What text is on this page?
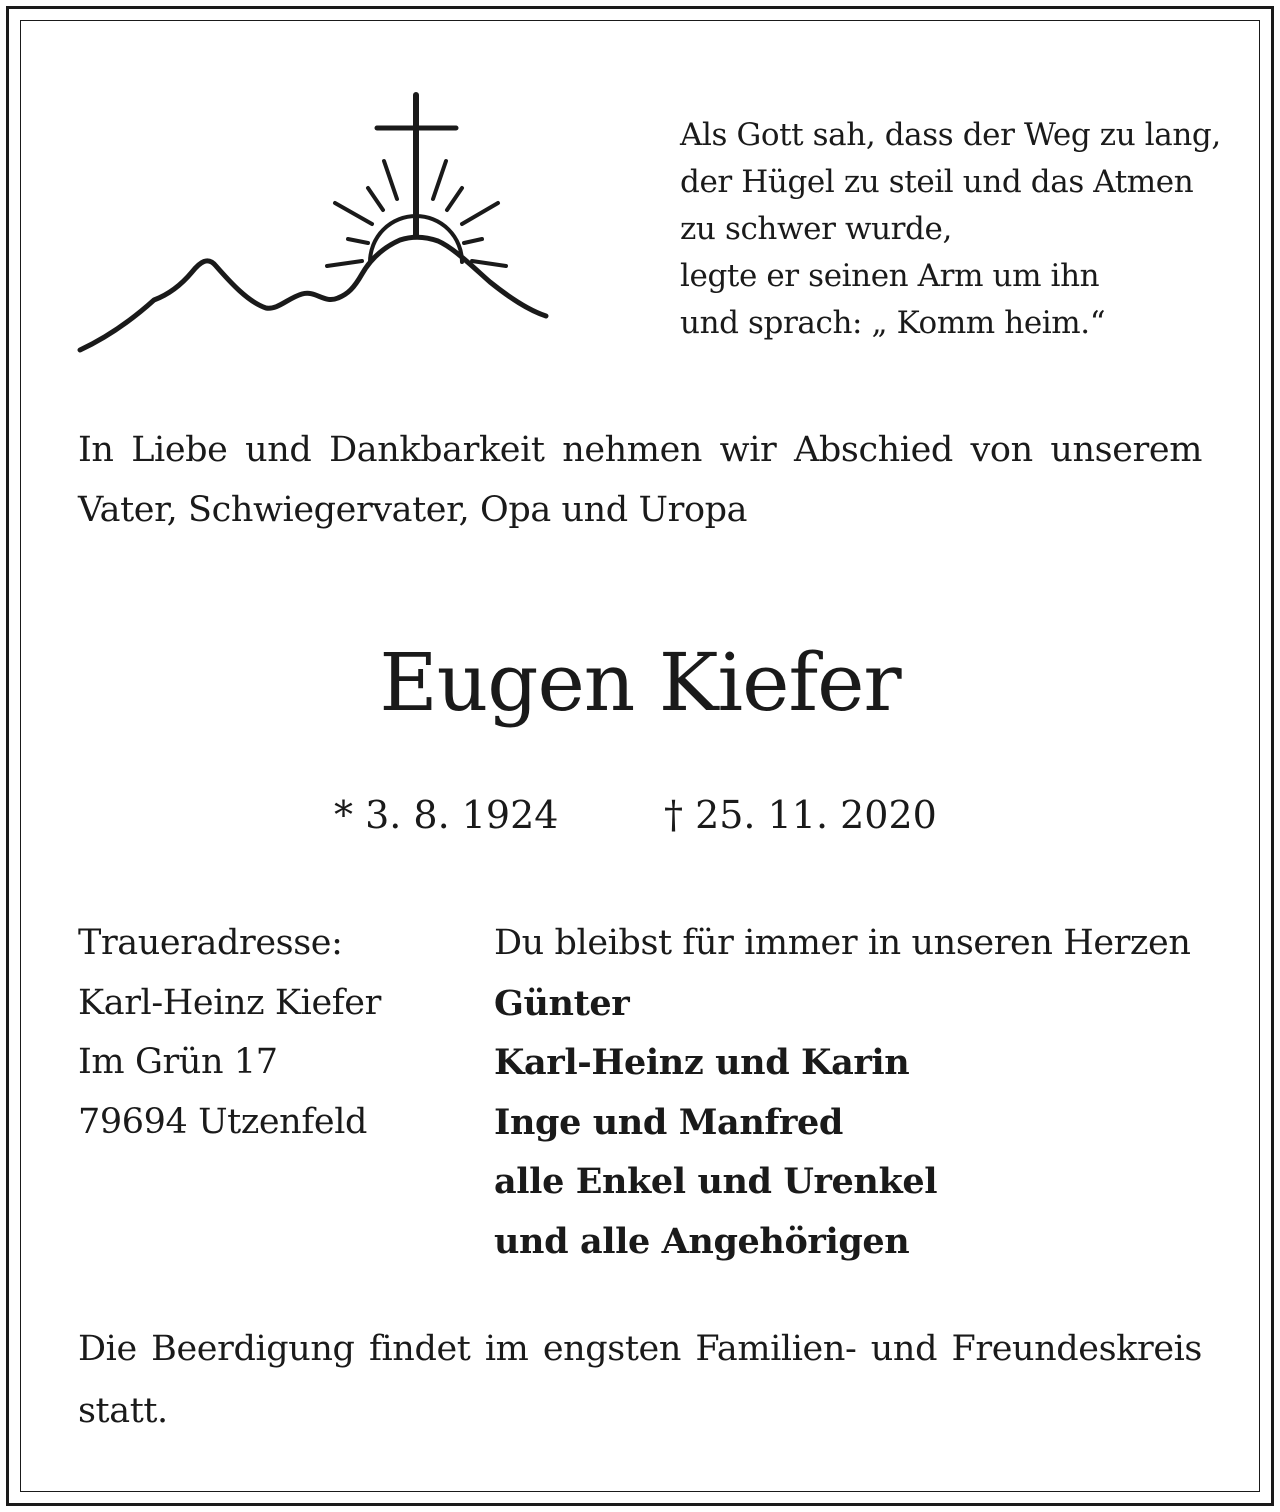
Als Gott sah, dass der Weg zu lang,
der Hügel zu steil und das Atmen
zu schwer wurde,
legte er seinen Arm um ihn
und sprach: „ Komm heim.“
In Liebe und Dankbarkeit nehmen wir Abschied von unserem
Vater, Schwiegervater, Opa und Uropa
Eugen Kiefer
* 3. 8. 1924	† 25. 11. 2020
Traueradresse:
Karl-Heinz Kiefer
Im Grün 17
79694 Utzenfeld
Du bleibst für immer in unseren Herzen
Günter
Karl-Heinz und Karin
Inge und Manfred
alle Enkel und Urenkel
und alle Angehörigen
Die Beerdigung findet im engsten Familien- und Freundeskreis
statt.
